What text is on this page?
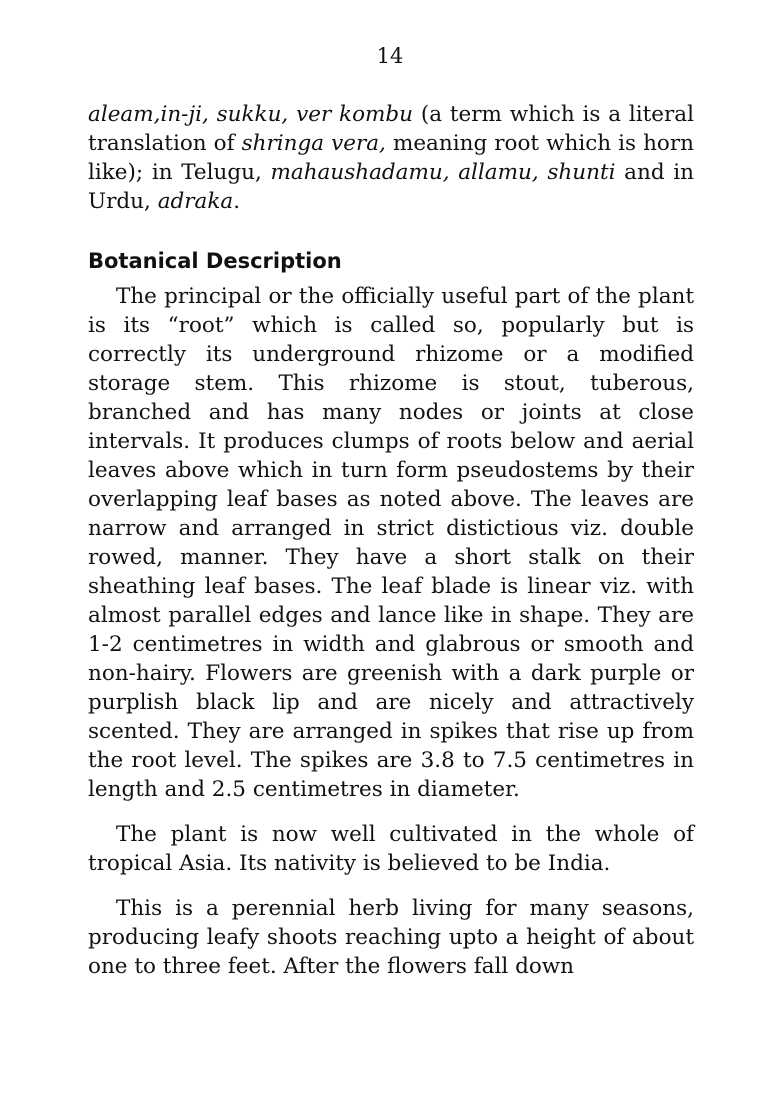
14

aleam,in-ji, sukku, ver kombu (a term which is a literal translation of shringa vera, meaning root which is horn like); in Telugu, mahaushadamu, allamu, shunti and in Urdu, adraka.

Botanical Description

The principal or the officially useful part of the plant is its “root” which is called so, popularly but is correctly its underground rhizome or a modified storage stem. This rhizome is stout, tuberous, branched and has many nodes or joints at close intervals. It produces clumps of roots below and aerial leaves above which in turn form pseudostems by their overlapping leaf bases as noted above. The leaves are narrow and arranged in strict distictious viz. double rowed, manner. They have a short stalk on their sheathing leaf bases. The leaf blade is linear viz. with almost parallel edges and lance like in shape. They are 1-2 centimetres in width and glabrous or smooth and non-hairy. Flowers are greenish with a dark purple or purplish black lip and are nicely and attractively scented. They are arranged in spikes that rise up from the root level. The spikes are 3.8 to 7.5 centimetres in length and 2.5 centimetres in diameter.

The plant is now well cultivated in the whole of tropical Asia. Its nativity is believed to be India.

This is a perennial herb living for many seasons, producing leafy shoots reaching upto a height of about one to three feet. After the flowers fall down
